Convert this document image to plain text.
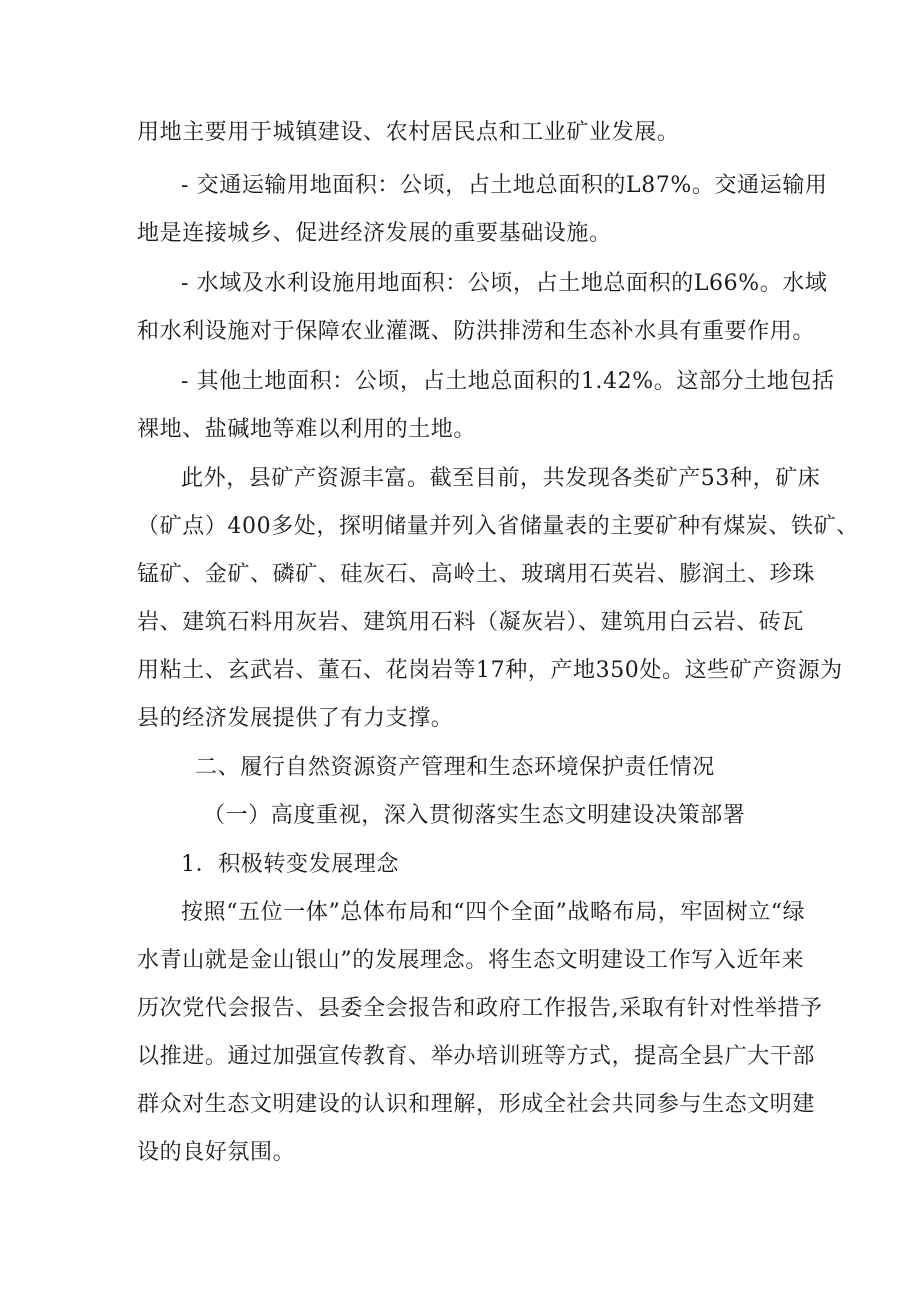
用地主要用于城镇建设、农村居民点和工业矿业发展。
- 交通运输用地面积：公顷，占土地总面积的L87%。交通运输用
地是连接城乡、促进经济发展的重要基础设施。
- 水域及水利设施用地面积：公顷，占土地总面积的L66%。水域
和水利设施对于保障农业灌溉、防洪排涝和生态补水具有重要作用。
- 其他土地面积：公顷，占土地总面积的1.42%。这部分土地包括
裸地、盐碱地等难以利用的土地。
此外，县矿产资源丰富。截至目前，共发现各类矿产53种，矿床
（矿点）400多处，探明储量并列入省储量表的主要矿种有煤炭、铁矿、
锰矿、金矿、磷矿、硅灰石、高岭土、玻璃用石英岩、膨润土、珍珠
岩、建筑石料用灰岩、建筑用石料（凝灰岩）、建筑用白云岩、砖瓦
用粘土、玄武岩、董石、花岗岩等17种，产地350处。这些矿产资源为
县的经济发展提供了有力支撑。
二、履行自然资源资产管理和生态环境保护责任情况
（一）高度重视，深入贯彻落实生态文明建设决策部署
1．积极转变发展理念
按照“五位一体”总体布局和“四个全面”战略布局，牢固树立“绿
水青山就是金山银山”的发展理念。将生态文明建设工作写入近年来
历次党代会报告、县委全会报告和政府工作报告,采取有针对性举措予
以推进。通过加强宣传教育、举办培训班等方式，提高全县广大干部
群众对生态文明建设的认识和理解，形成全社会共同参与生态文明建
设的良好氛围。
